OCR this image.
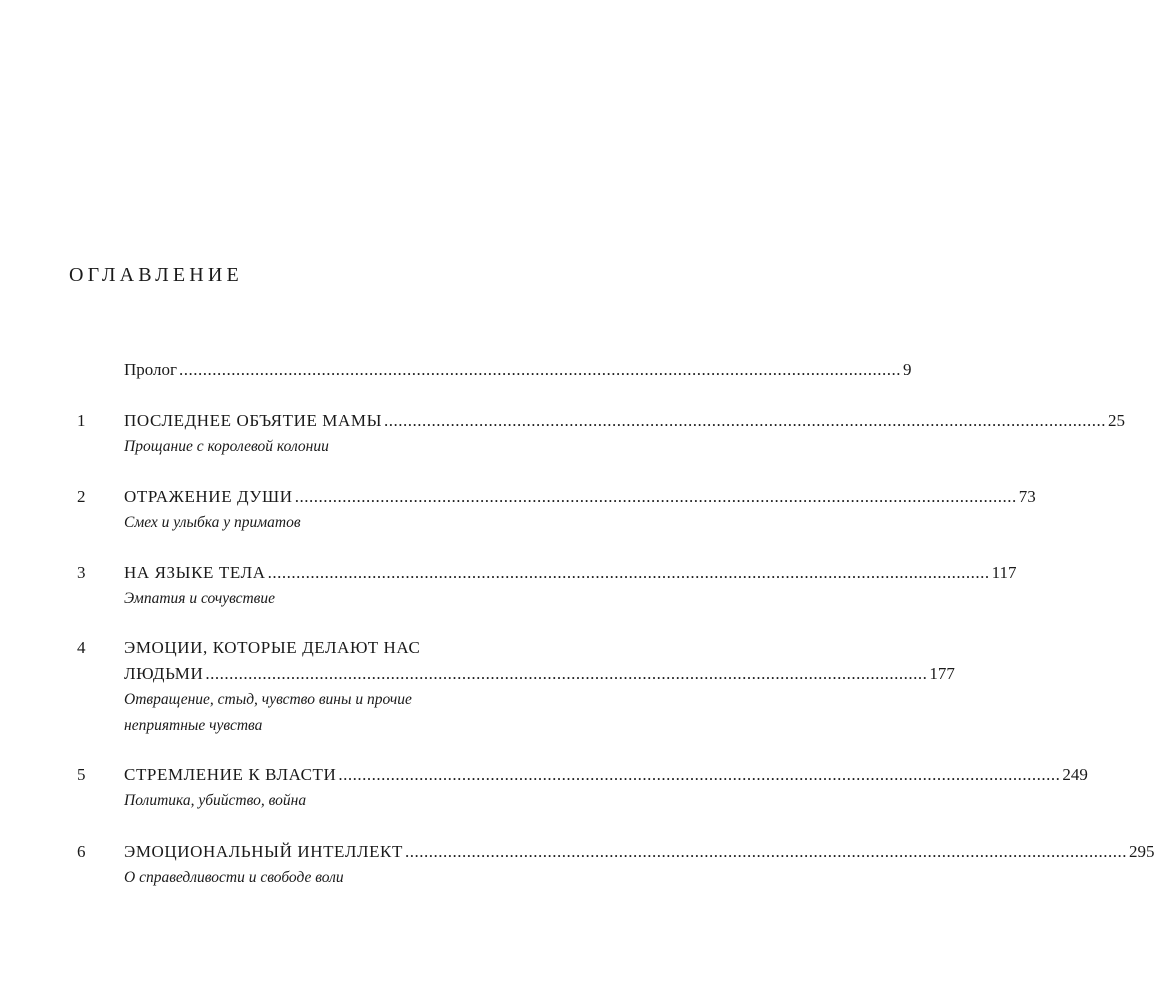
ОГЛАВЛЕНИЕ
Пролог ........................................................................................................................................................ 9
1 ПОСЛЕДНЕЕ ОБЪЯТИЕ МАМЫ ........................................................................................................................................................ 25
Прощание с королевой колонии
2 ОТРАЖЕНИЕ ДУШИ ........................................................................................................................................................ 73
Смех и улыбка у приматов
3 НА ЯЗЫКЕ ТЕЛА ........................................................................................................................................................ 117
Эмпатия и сочувствие
4 ЭМОЦИИ, КОТОРЫЕ ДЕЛАЮТ НАС
ЛЮДЬМИ ........................................................................................................................................................ 177
Отвращение, стыд, чувство вины и прочие
неприятные чувства
5 СТРЕМЛЕНИЕ К ВЛАСТИ ........................................................................................................................................................ 249
Политика, убийство, война
6 ЭМОЦИОНАЛЬНЫЙ ИНТЕЛЛЕКТ ........................................................................................................................................................ 295
О справедливости и свободе воли
